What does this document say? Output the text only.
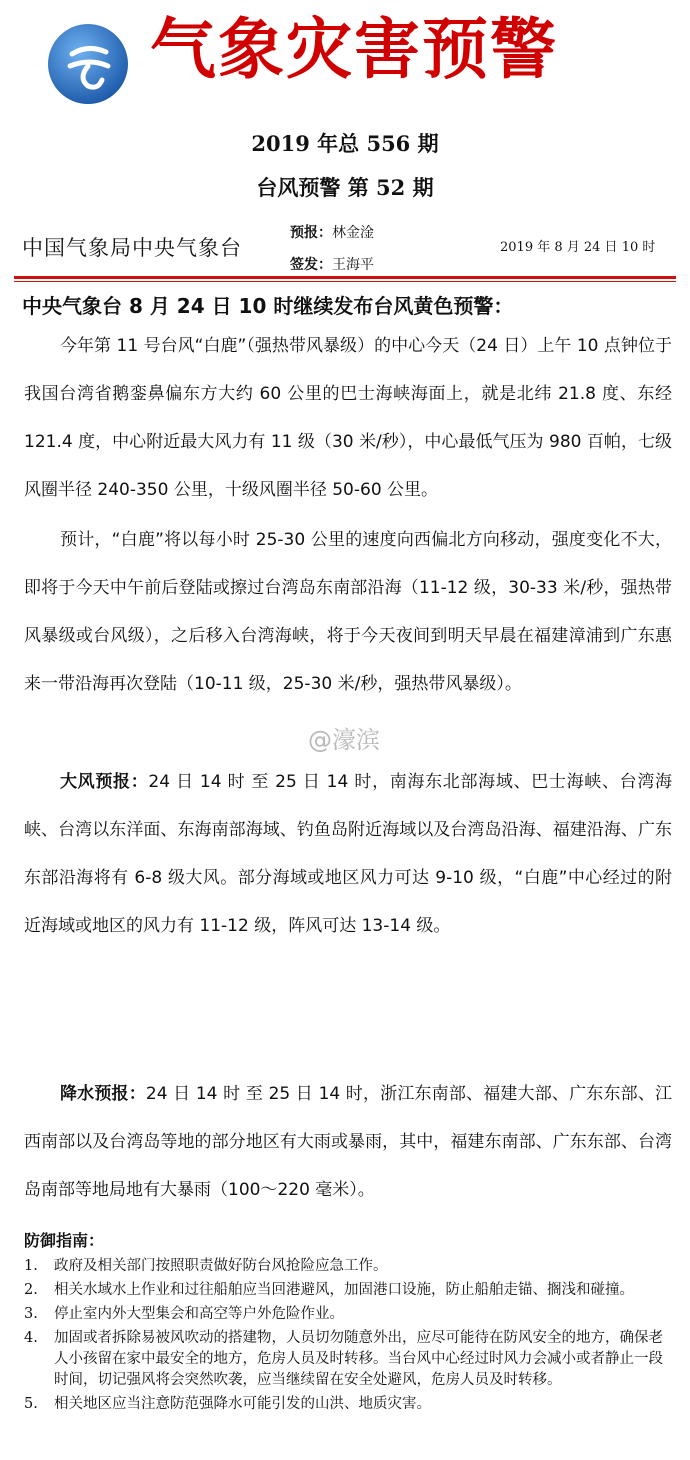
气象灾害预警
2019 年总 556 期
台风预警 第 52 期
中国气象局中央气象台
预报：林金淦
签发：王海平
2019 年 8 月 24 日 10 时
中央气象台 8 月 24 日 10 时继续发布台风黄色预警：
今年第 11 号台风“白鹿”（强热带风暴级）的中心今天（24 日）上午 10 点钟位于我国台湾省鹅銮鼻偏东方大约 60 公里的巴士海峡海面上，就是北纬 21.8 度、东经 121.4 度，中心附近最大风力有 11 级（30 米/秒），中心最低气压为 980 百帕，七级风圈半径 240-350 公里，十级风圈半径 50-60 公里。
预计，“白鹿”将以每小时 25-30 公里的速度向西偏北方向移动，强度变化不大，即将于今天中午前后登陆或擦过台湾岛东南部沿海（11-12 级，30-33 米/秒，强热带风暴级或台风级），之后移入台湾海峡，将于今天夜间到明天早晨在福建漳浦到广东惠来一带沿海再次登陆（10-11 级，25-30 米/秒，强热带风暴级）。
@濠滨
大风预报：24 日 14 时 至 25 日 14 时，南海东北部海域、巴士海峡、台湾海峡、台湾以东洋面、东海南部海域、钓鱼岛附近海域以及台湾岛沿海、福建沿海、广东东部沿海将有 6-8 级大风。部分海域或地区风力可达 9-10 级，“白鹿”中心经过的附近海域或地区的风力有 11-12 级，阵风可达 13-14 级。
降水预报：24 日 14 时 至 25 日 14 时，浙江东南部、福建大部、广东东部、江西南部以及台湾岛等地的部分地区有大雨或暴雨，其中，福建东南部、广东东部、台湾岛南部等地局地有大暴雨（100～220 毫米）。
防御指南：
1. 政府及相关部门按照职责做好防台风抢险应急工作。
2. 相关水域水上作业和过往船舶应当回港避风，加固港口设施，防止船舶走锚、搁浅和碰撞。
3. 停止室内外大型集会和高空等户外危险作业。
4. 加固或者拆除易被风吹动的搭建物，人员切勿随意外出，应尽可能待在防风安全的地方，确保老人小孩留在家中最安全的地方，危房人员及时转移。当台风中心经过时风力会减小或者静止一段时间，切记强风将会突然吹袭，应当继续留在安全处避风，危房人员及时转移。
5. 相关地区应当注意防范强降水可能引发的山洪、地质灾害。
